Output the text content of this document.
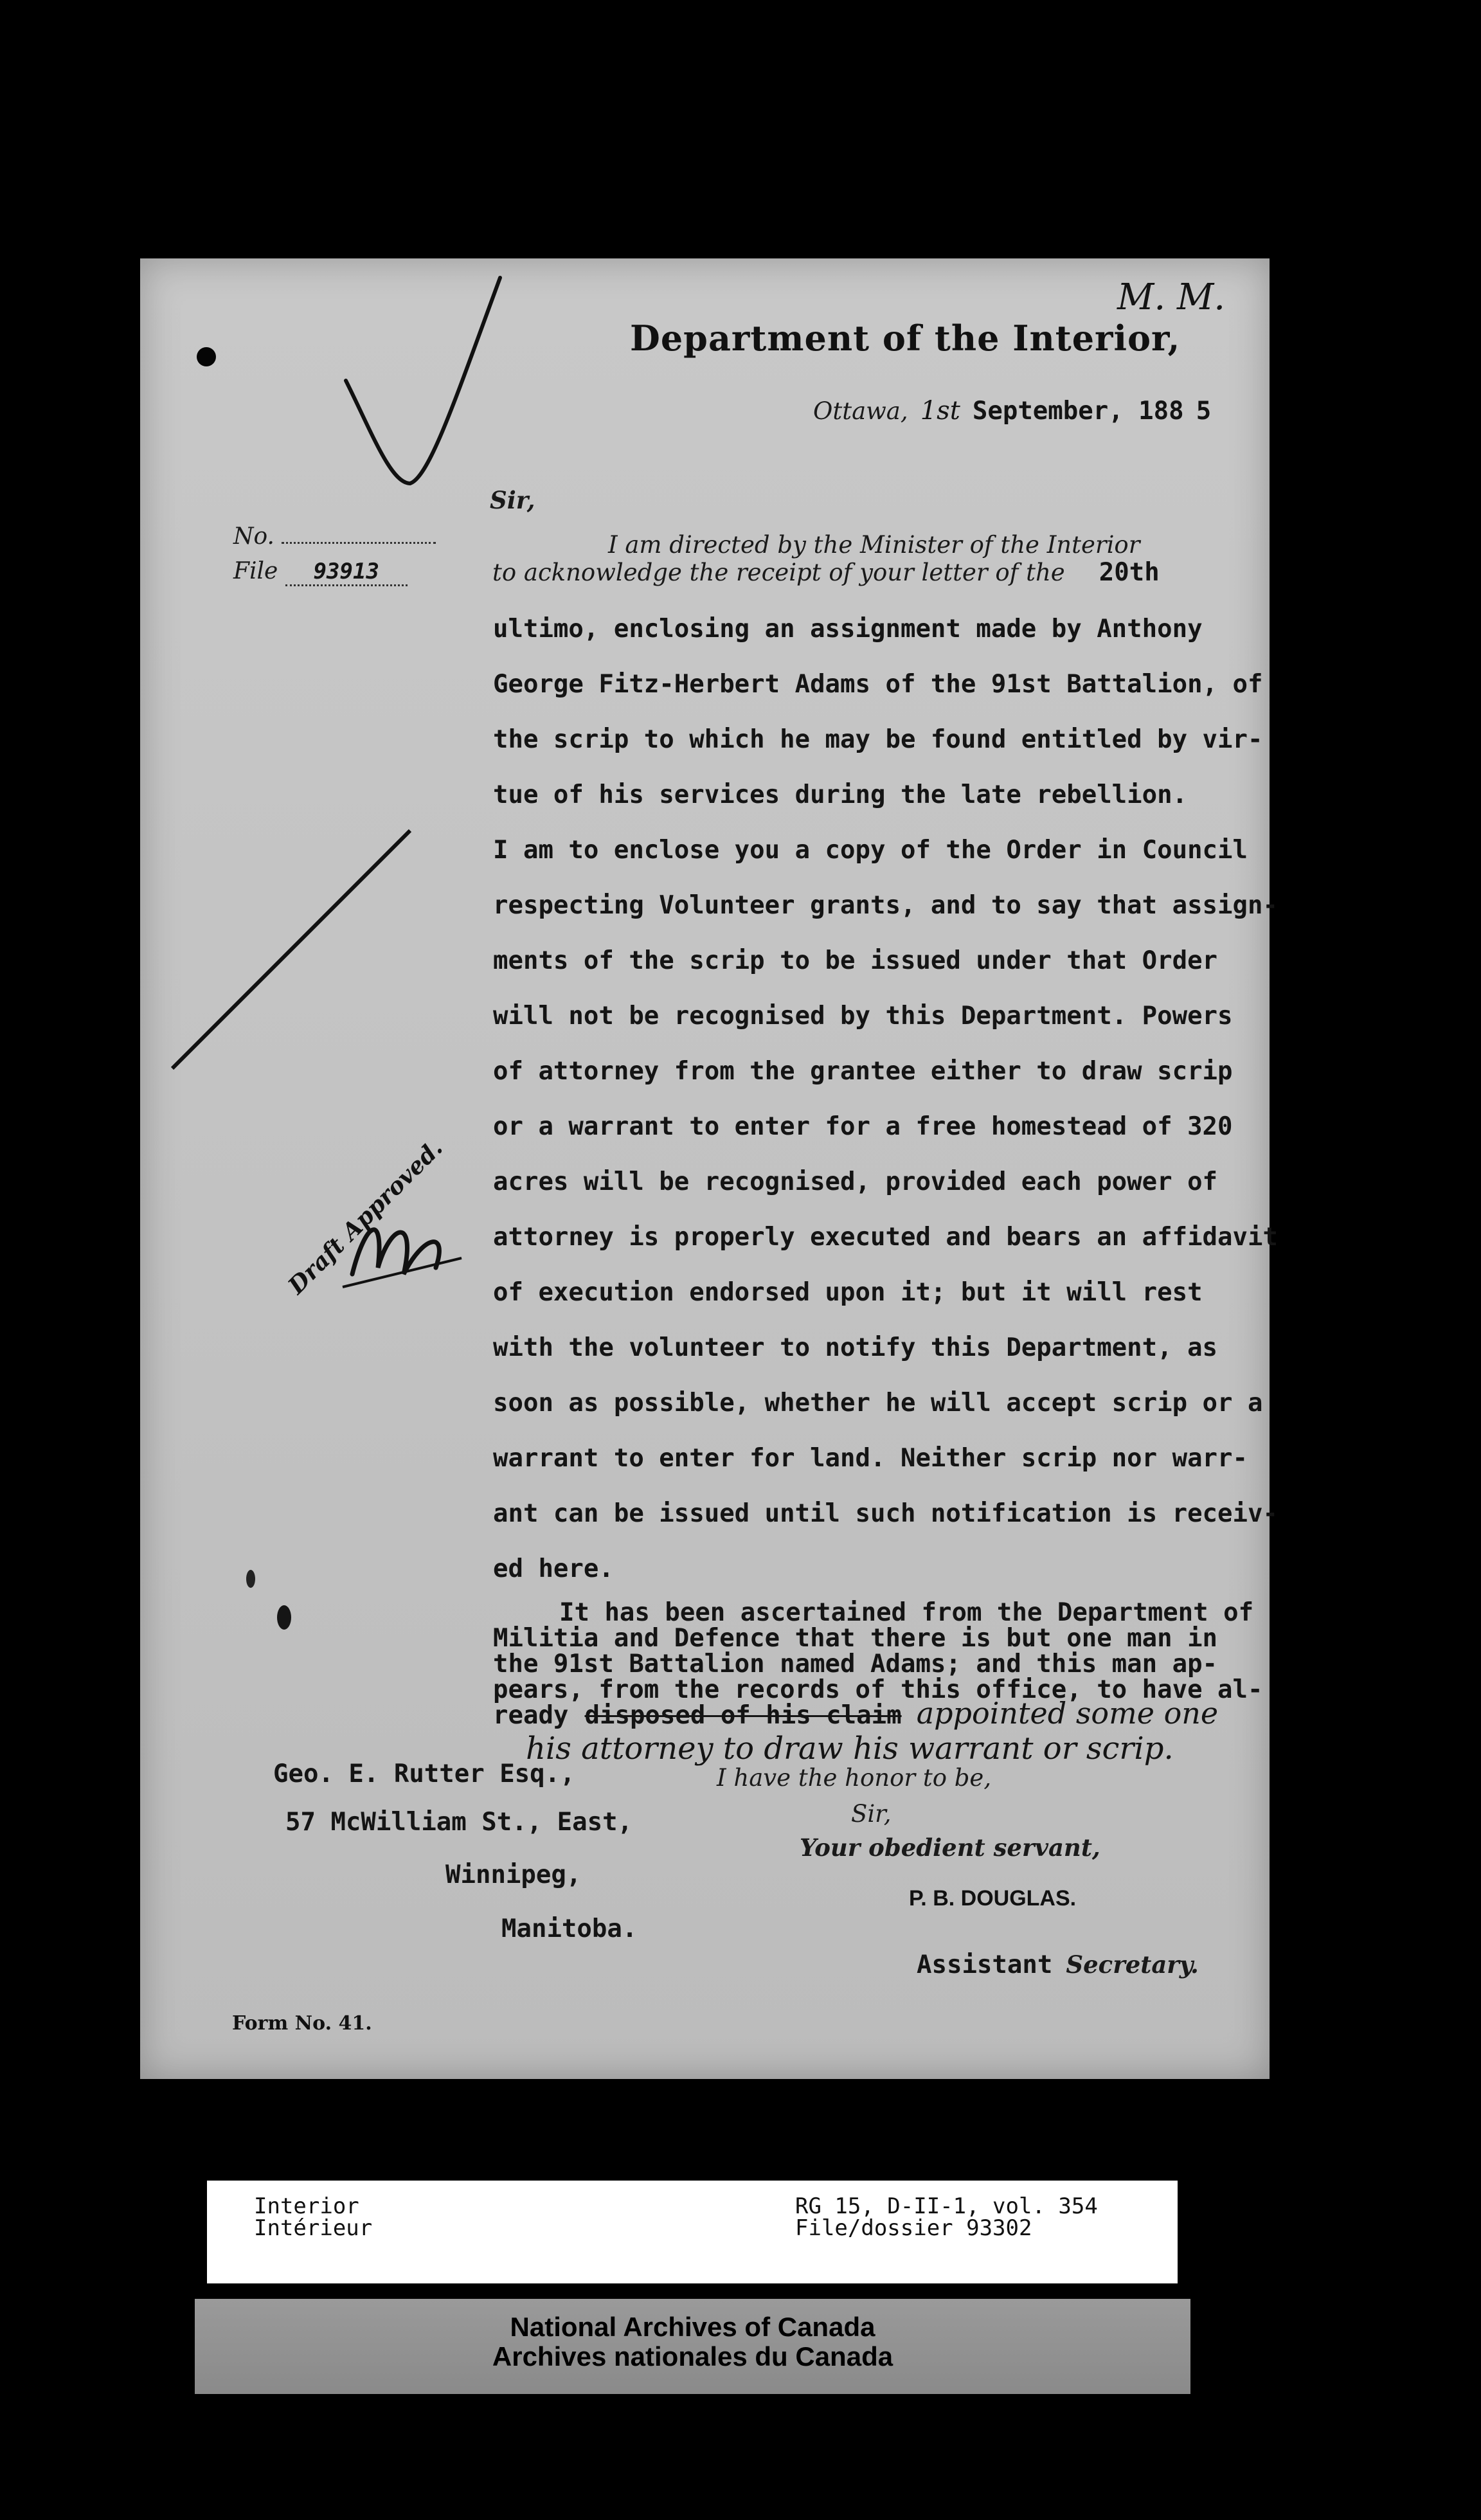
M. M.
Department of the Interior,
Ottawa, 1st September, 188 5
No.
File 93913
Sir,
I am directed by the Minister of the Interior
to acknowledge the receipt of your letter of the 20th
ultimo, enclosing an assignment made by Anthony
George Fitz-Herbert Adams of the 91st Battalion, of
the scrip to which he may be found entitled by vir-
tue of his services during the late rebellion.
I am to enclose you a copy of the Order in Council
respecting Volunteer grants, and to say that assign-
ments of the scrip to be issued under that Order
will not be recognised by this Department. Powers
of attorney from the grantee either to draw scrip
or a warrant to enter for a free homestead of 320
acres will be recognised, provided each power of
attorney is properly executed and bears an affidavit
of execution endorsed upon it; but it will rest
with the volunteer to notify this Department, as
soon as possible, whether he will accept scrip or a
warrant to enter for land. Neither scrip nor warr-
ant can be issued until such notification is receiv-
ed here.
It has been ascertained from the Department of
Militia and Defence that there is but one man in
the 91st Battalion named Adams; and this man ap-
pears, from the records of this office, to have al-
ready disposed of his claim appointed some one
his attorney to draw his warrant or scrip.
Draft Approved.
Geo. E. Rutter Esq.,
57 McWilliam St., East,
Winnipeg,
Manitoba.
I have the honor to be,
Sir,
Your obedient servant,
P. B. DOUGLAS.
Assistant Secretary.
Form No. 41.
Interior
Intérieur
RG 15, D-II-1, vol. 354
File/dossier 93302
National Archives of Canada
Archives nationales du Canada
